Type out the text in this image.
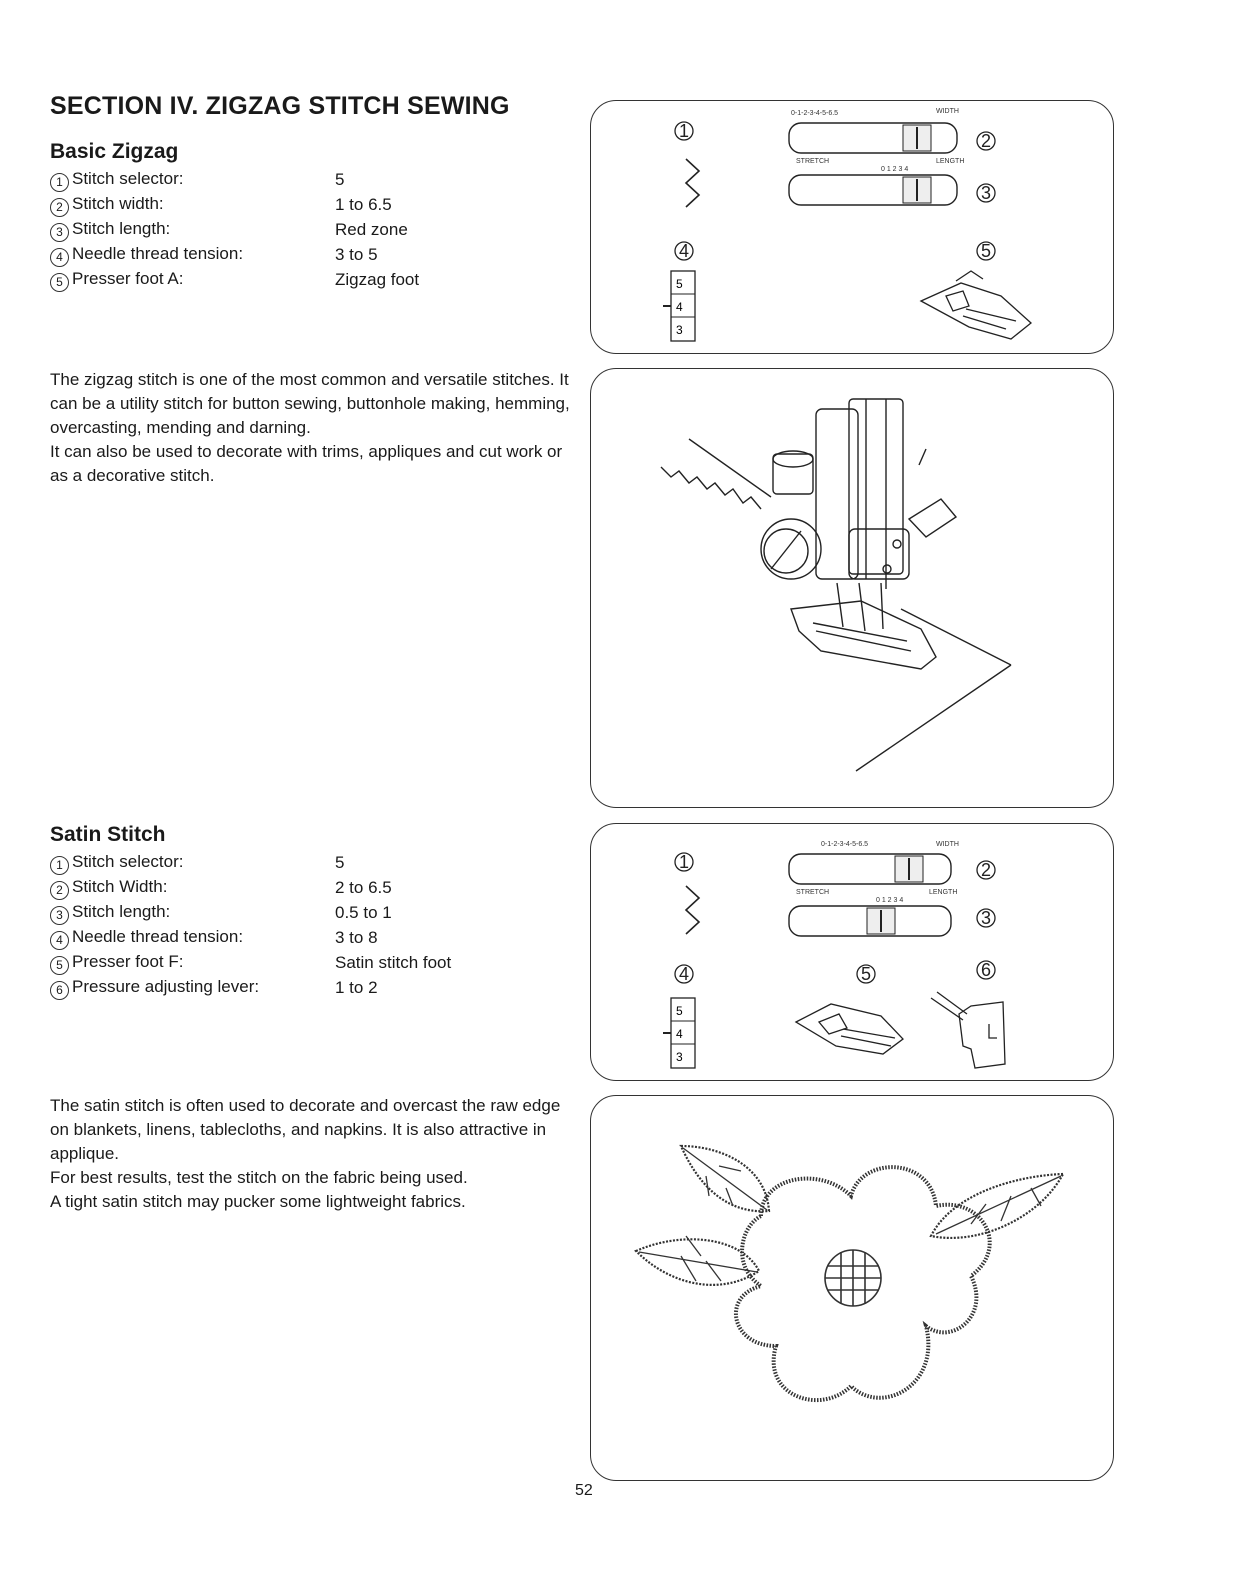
SECTION IV. ZIGZAG STITCH SEWING
Basic Zigzag
1 Stitch selector:	5
2 Stitch width:	1 to 6.5
3 Stitch length:	Red zone
4 Needle thread tension:	3 to 5
5 Presser foot A:	Zigzag foot

The zigzag stitch is one of the most common and versatile stitches. It can be a utility stitch for button sewing, buttonhole making, hemming, overcasting, mending and darning.

It can also be used to decorate with trims, appliques and cut work or as a decorative stitch.

Satin Stitch
1 Stitch selector:	5
2 Stitch Width:	2 to 6.5
3 Stitch length:	0.5 to 1
4 Needle thread tension:	3 to 8
5 Presser foot F:	Satin stitch foot
6 Pressure adjusting lever:	1 to 2

The satin stitch is often used to decorate and overcast the raw edge on blankets, linens, tablecloths, and napkins. It is also attractive in applique.

For best results, test the stitch on the fabric being used.

A tight satin stitch may pucker some lightweight fabrics.

1	2
3
4	5
0-1-2-3-4-5-6.5	WIDTH
STRETCH	LENGTH
0 1 2 3 4
5
4
3
1	2
3
4	5	6
0-1-2-3-4-5-6.5	WIDTH
STRETCH	LENGTH
0 1 2 3 4
5
4
3
52
